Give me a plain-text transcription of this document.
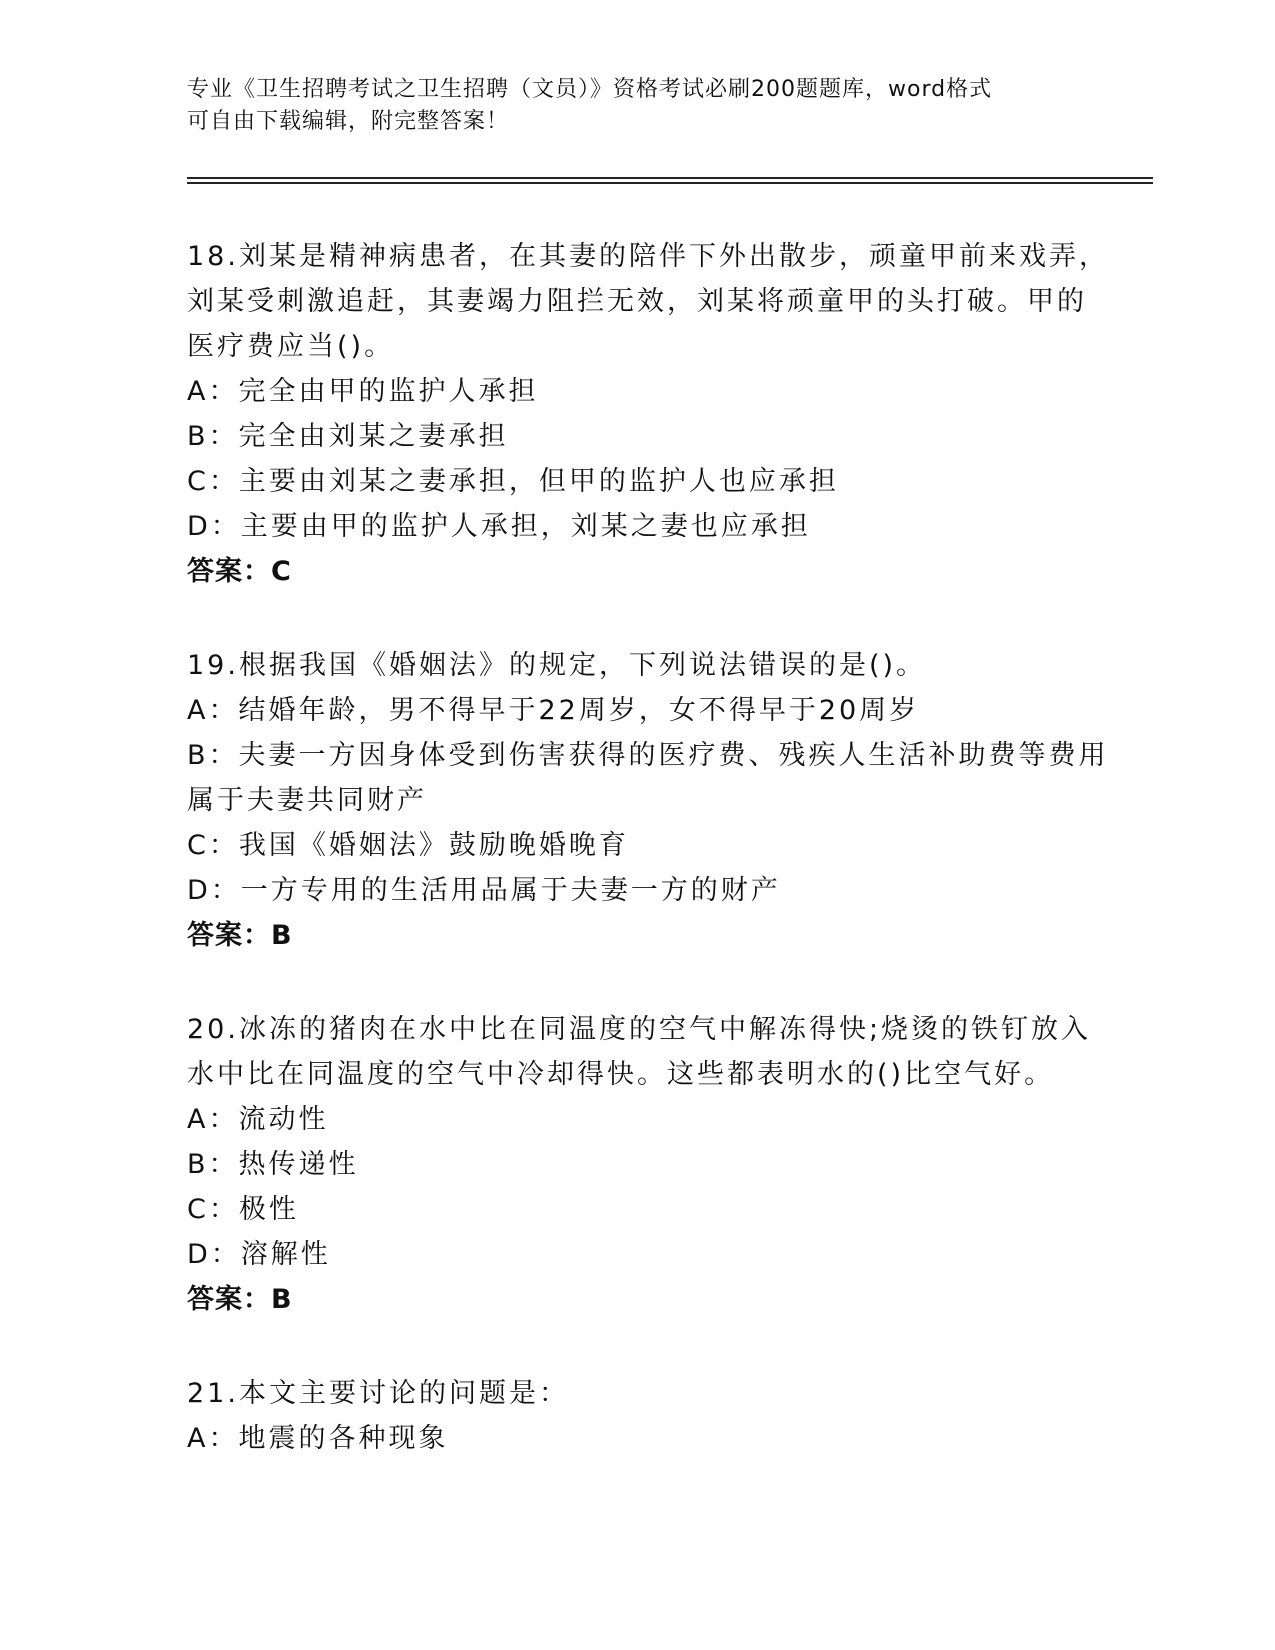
专业《卫生招聘考试之卫生招聘（文员）》资格考试必刷200题题库，word格式
可自由下载编辑，附完整答案！
18.刘某是精神病患者，在其妻的陪伴下外出散步，顽童甲前来戏弄，
刘某受刺激追赶，其妻竭力阻拦无效，刘某将顽童甲的头打破。甲的
医疗费应当()。
A：完全由甲的监护人承担
B：完全由刘某之妻承担
C：主要由刘某之妻承担，但甲的监护人也应承担
D：主要由甲的监护人承担，刘某之妻也应承担
答案：C
19.根据我国《婚姻法》的规定，下列说法错误的是()。
A：结婚年龄，男不得早于22周岁，女不得早于20周岁
B：夫妻一方因身体受到伤害获得的医疗费、残疾人生活补助费等费用
属于夫妻共同财产
C：我国《婚姻法》鼓励晚婚晚育
D：一方专用的生活用品属于夫妻一方的财产
答案：B
20.冰冻的猪肉在水中比在同温度的空气中解冻得快;烧烫的铁钉放入
水中比在同温度的空气中冷却得快。这些都表明水的()比空气好。
A：流动性
B：热传递性
C：极性
D：溶解性
答案：B
21.本文主要讨论的问题是：
A：地震的各种现象
